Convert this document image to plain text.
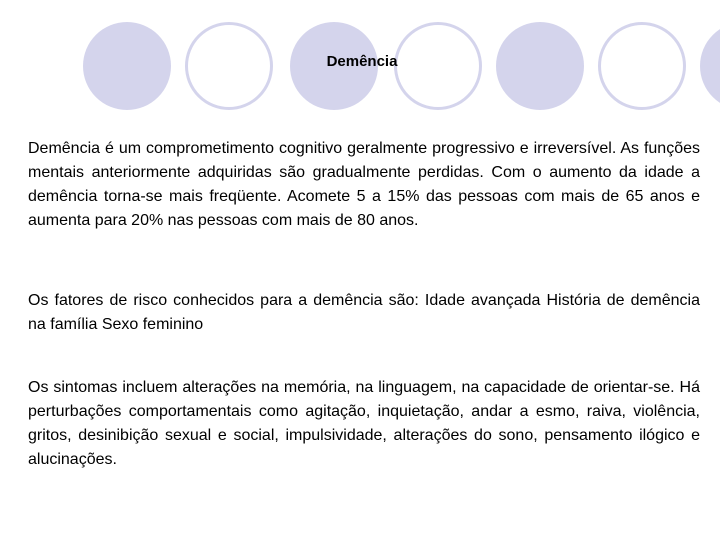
Demência
Demência é um comprometimento cognitivo geralmente progressivo e irreversível. As funções mentais anteriormente adquiridas são gradualmente perdidas. Com o aumento da idade a demência torna-se mais freqüente. Acomete 5 a 15% das pessoas com mais de 65 anos e aumenta para 20% nas pessoas com mais de 80 anos.
Os fatores de risco conhecidos para a demência são: Idade avançada História de demência na família Sexo feminino
Os sintomas incluem alterações na memória, na linguagem, na capacidade de orientar-se. Há perturbações comportamentais como agitação, inquietação, andar a esmo, raiva, violência, gritos, desinibição sexual e social, impulsividade, alterações do sono, pensamento ilógico e alucinações.
